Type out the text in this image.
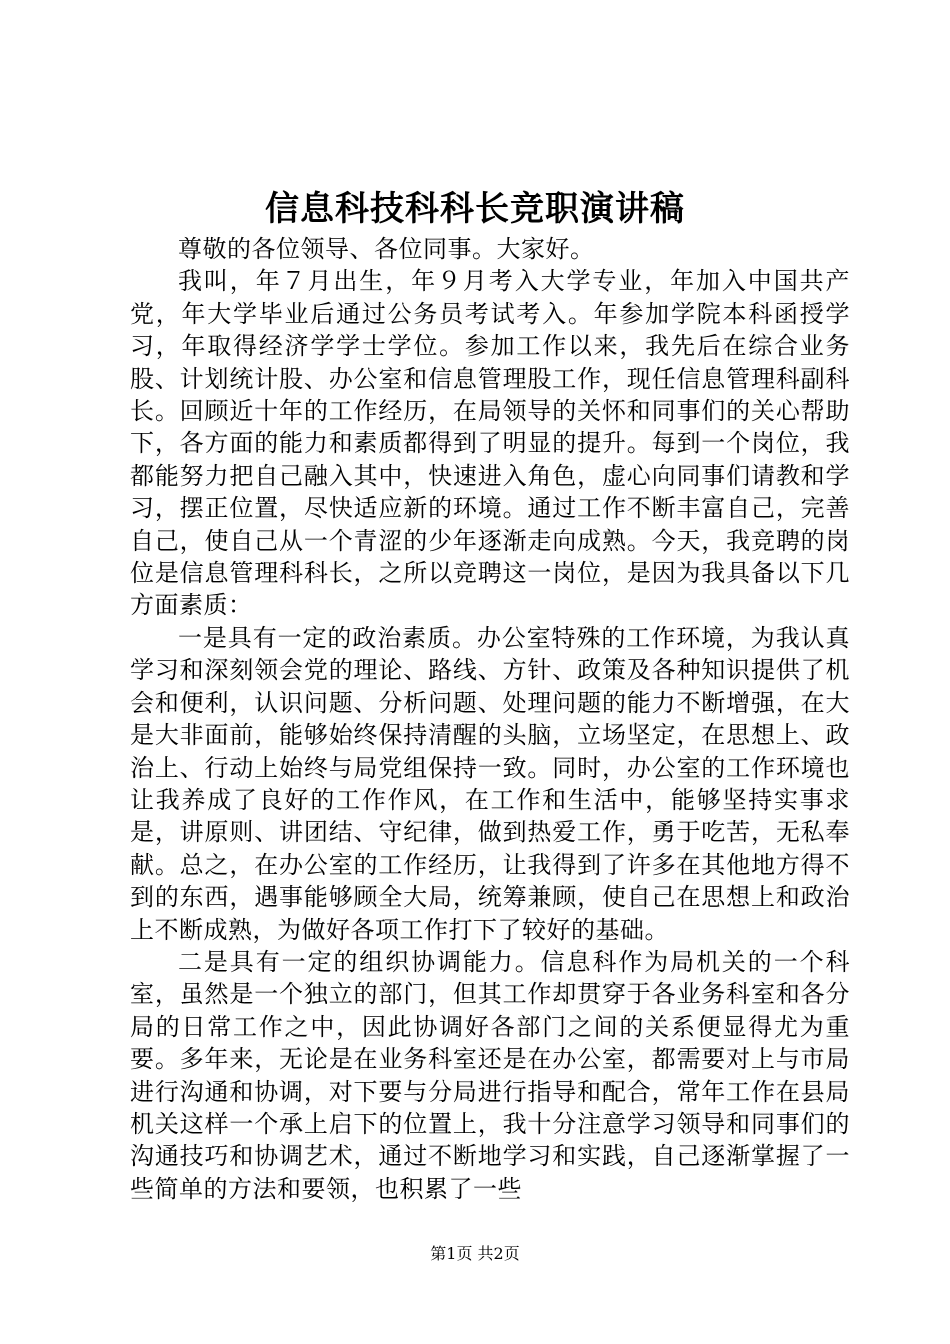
信息科技科科长竞职演讲稿

尊敬的各位领导、各位同事。大家好。

我叫，年７月出生，年９月考入大学专业，年加入中国共产党，年大学毕业后通过公务员考试考入。年参加学院本科函授学习，年取得经济学学士学位。参加工作以来，我先后在综合业务股、计划统计股、办公室和信息管理股工作，现任信息管理科副科长。回顾近十年的工作经历，在局领导的关怀和同事们的关心帮助下，各方面的能力和素质都得到了明显的提升。每到一个岗位，我都能努力把自己融入其中，快速进入角色，虚心向同事们请教和学习，摆正位置，尽快适应新的环境。通过工作不断丰富自己，完善自己，使自己从一个青涩的少年逐渐走向成熟。今天，我竞聘的岗位是信息管理科科长，之所以竞聘这一岗位，是因为我具备以下几方面素质：

一是具有一定的政治素质。办公室特殊的工作环境，为我认真学习和深刻领会党的理论、路线、方针、政策及各种知识提供了机会和便利，认识问题、分析问题、处理问题的能力不断增强，在大是大非面前，能够始终保持清醒的头脑，立场坚定，在思想上、政治上、行动上始终与局党组保持一致。同时，办公室的工作环境也让我养成了良好的工作作风，在工作和生活中，能够坚持实事求是，讲原则、讲团结、守纪律，做到热爱工作，勇于吃苦，无私奉献。总之，在办公室的工作经历，让我得到了许多在其他地方得不到的东西，遇事能够顾全大局，统筹兼顾，使自己在思想上和政治上不断成熟，为做好各项工作打下了较好的基础。

二是具有一定的组织协调能力。信息科作为局机关的一个科室，虽然是一个独立的部门，但其工作却贯穿于各业务科室和各分局的日常工作之中，因此协调好各部门之间的关系便显得尤为重要。多年来，无论是在业务科室还是在办公室，都需要对上与市局进行沟通和协调，对下要与分局进行指导和配合，常年工作在县局机关这样一个承上启下的位置上，我十分注意学习领导和同事们的沟通技巧和协调艺术，通过不断地学习和实践，自己逐渐掌握了一些简单的方法和要领，也积累了一些

第1页 共2页
